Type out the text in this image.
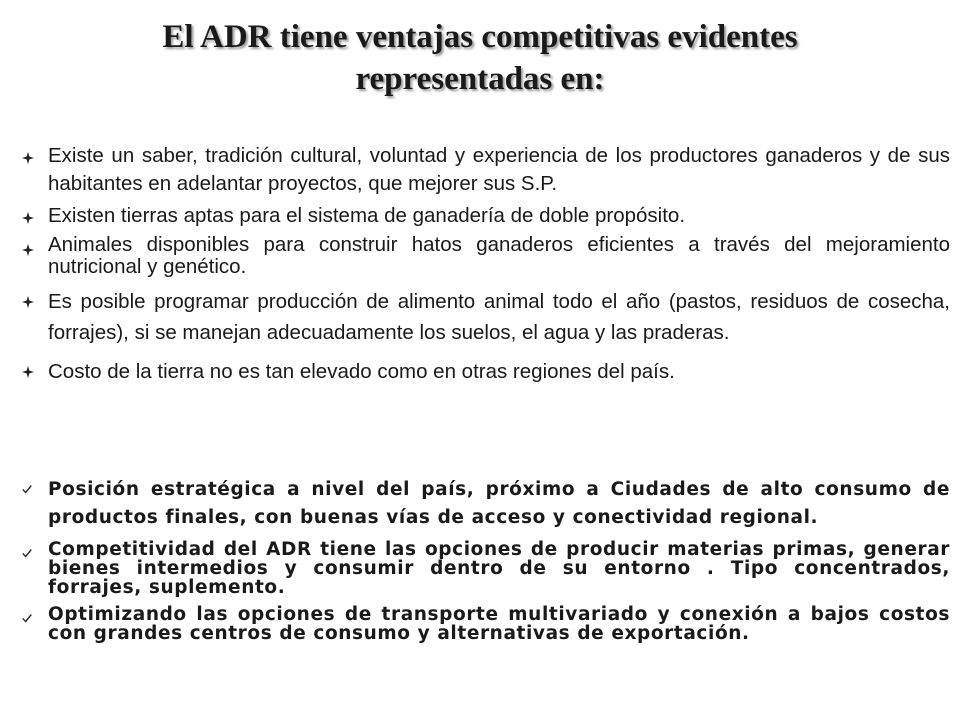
El ADR tiene ventajas competitivas evidentes
representadas en:
Existe un saber, tradición cultural, voluntad y experiencia de los productores ganaderos y de sus habitantes en adelantar proyectos, que mejorer sus S.P.
Existen tierras aptas para el sistema de ganadería de doble propósito.
Animales disponibles para construir hatos ganaderos eficientes a través del mejoramiento nutricional y genético.
Es posible programar producción de alimento animal todo el año (pastos, residuos de cosecha, forrajes), si se manejan adecuadamente los suelos, el agua y las praderas.
Costo de la tierra no es tan elevado como en otras regiones del país.
Posición estratégica a nivel del país, próximo a Ciudades de alto consumo de productos finales, con buenas vías de acceso y conectividad regional.
Competitividad del ADR tiene las opciones de producir materias primas, generar bienes intermedios y consumir dentro de su entorno . Tipo concentrados, forrajes, suplemento.
Optimizando las opciones de transporte multivariado y conexión a bajos costos con grandes centros de consumo y alternativas de exportación.
